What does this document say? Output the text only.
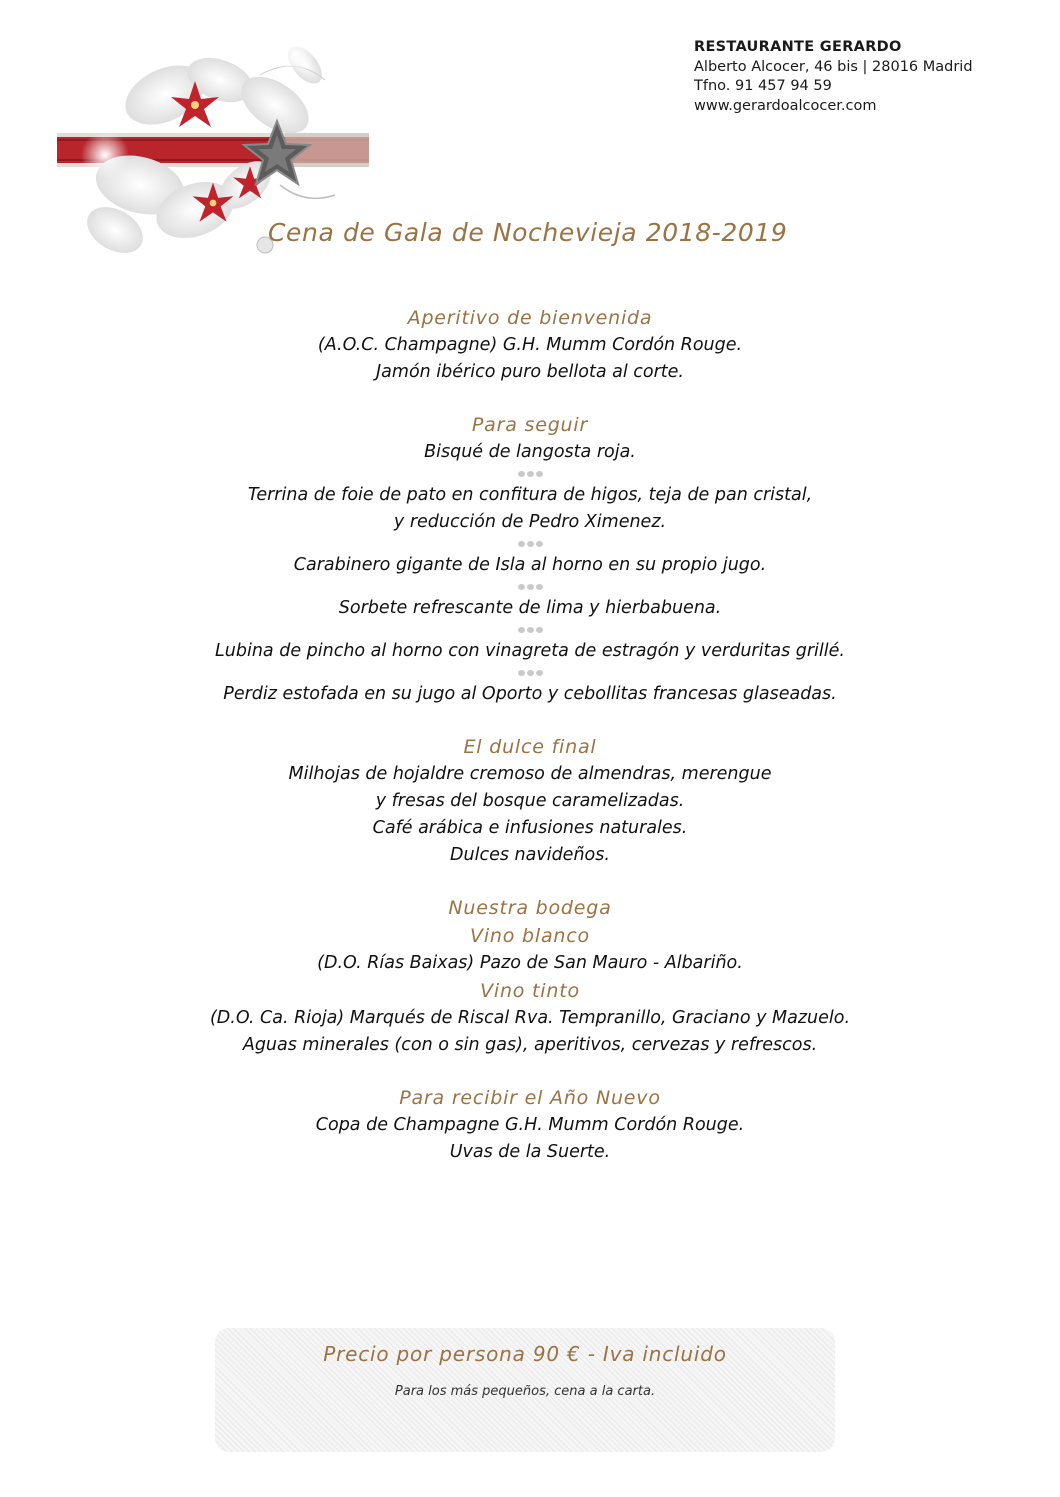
RESTAURANTE GERARDO
Alberto Alcocer, 46 bis | 28016 Madrid
Tfno. 91 457 94 59
www.gerardoalcocer.com
Cena de Gala de Nochevieja 2018-2019
Aperitivo de bienvenida
(A.O.C. Champagne) G.H. Mumm Cordón Rouge.
Jamón ibérico puro bellota al corte.
Para seguir
Bisqué de langosta roja.
Terrina de foie de pato en confitura de higos, teja de pan cristal,
y reducción de Pedro Ximenez.
Carabinero gigante de Isla al horno en su propio jugo.
Sorbete refrescante de lima y hierbabuena.
Lubina de pincho al horno con vinagreta de estragón y verduritas grillé.
Perdiz estofada en su jugo al Oporto y cebollitas francesas glaseadas.
El dulce final
Milhojas de hojaldre cremoso de almendras, merengue
y fresas del bosque caramelizadas.
Café arábica e infusiones naturales.
Dulces navideños.
Nuestra bodega
Vino blanco
(D.O. Rías Baixas) Pazo de San Mauro - Albariño.
Vino tinto
(D.O. Ca. Rioja) Marqués de Riscal Rva. Tempranillo, Graciano y Mazuelo.
Aguas minerales (con o sin gas), aperitivos, cervezas y refrescos.
Para recibir el Año Nuevo
Copa de Champagne G.H. Mumm Cordón Rouge.
Uvas de la Suerte.
Precio por persona 90 € - Iva incluido
Para los más pequeños, cena a la carta.
